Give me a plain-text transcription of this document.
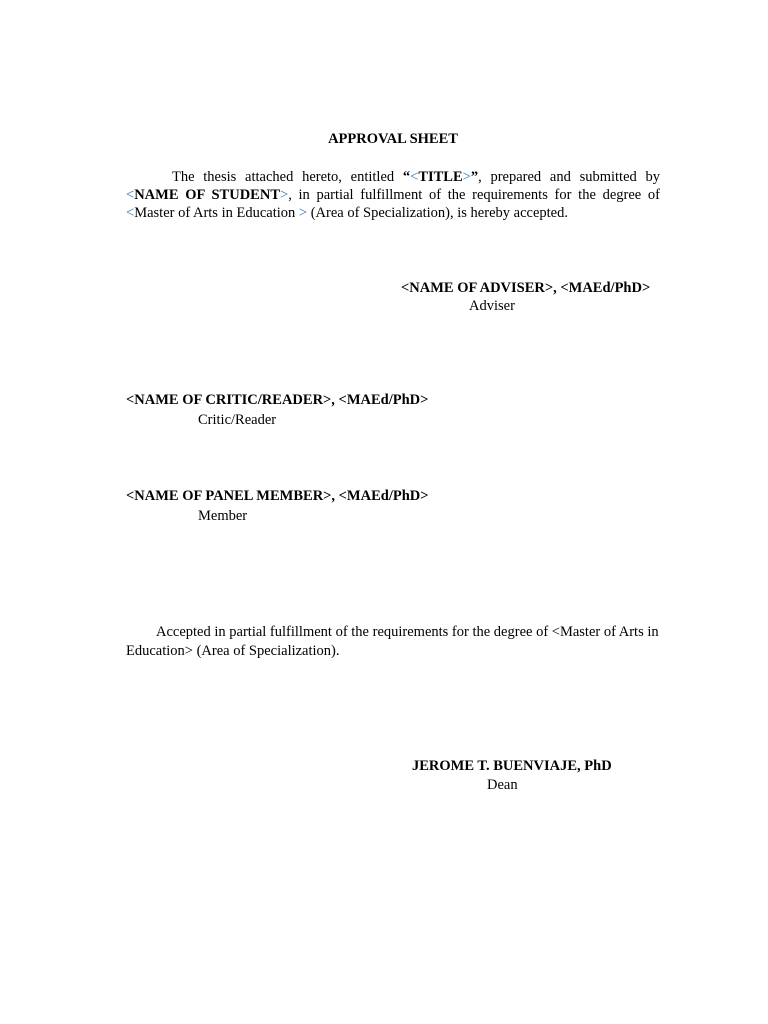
APPROVAL SHEET
The thesis attached hereto, entitled “<TITLE>”, prepared and submitted by <NAME OF STUDENT>, in partial fulfillment of the requirements for the degree of <Master of Arts in Education > (Area of Specialization), is hereby accepted.
<NAME OF ADVISER>, <MAEd/PhD>
Adviser
<NAME OF CRITIC/READER>, <MAEd/PhD>
Critic/Reader
<NAME OF PANEL MEMBER>, <MAEd/PhD>
Member
Accepted in partial fulfillment of the requirements for the degree of <Master of Arts in Education> (Area of Specialization).
JEROME T. BUENVIAJE, PhD
Dean
